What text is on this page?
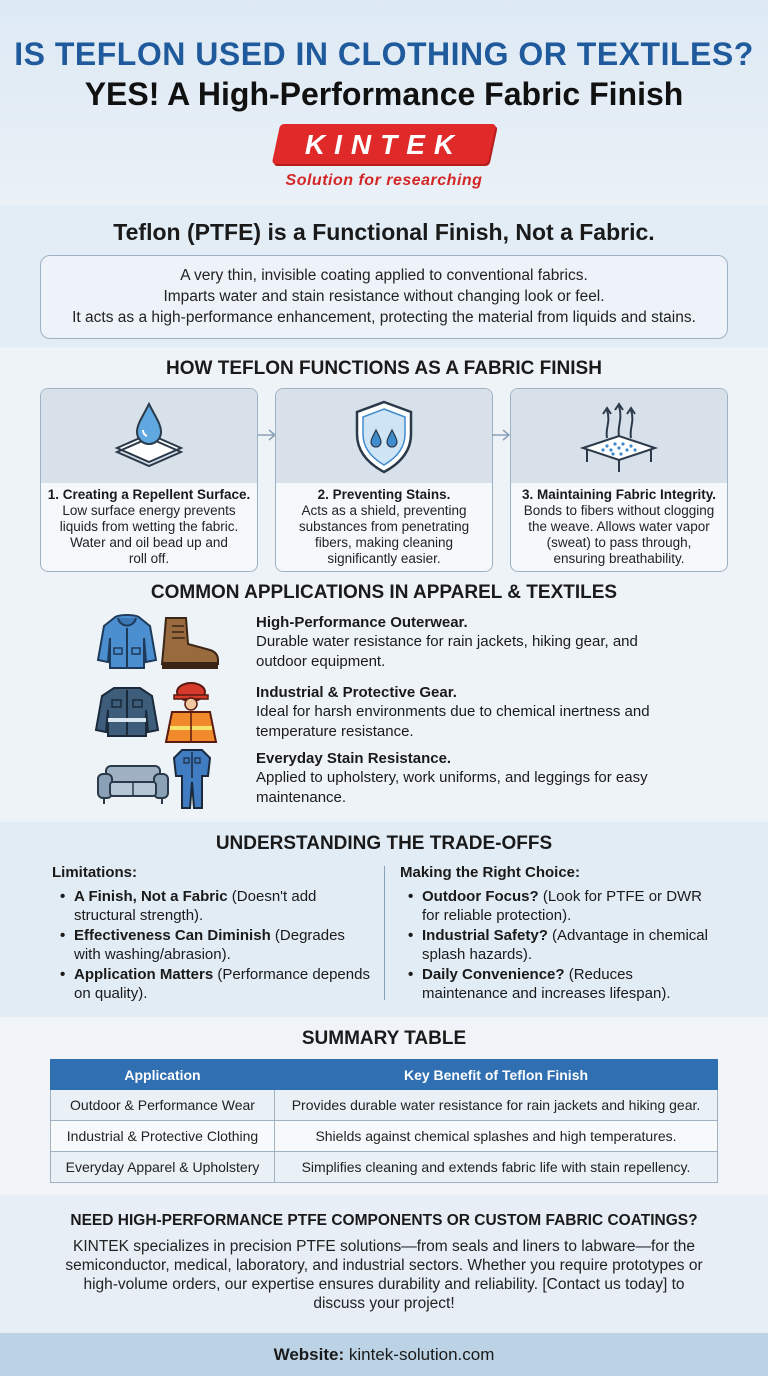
IS TEFLON USED IN CLOTHING OR TEXTILES?
YES! A High-Performance Fabric Finish
KINTEK
Solution for researching
Teflon (PTFE) is a Functional Finish, Not a Fabric.
A very thin, invisible coating applied to conventional fabrics.
Imparts water and stain resistance without changing look or feel.
It acts as a high-performance enhancement, protecting the material from liquids and stains.
HOW TEFLON FUNCTIONS AS A FABRIC FINISH
1. Creating a Repellent Surface.
Low surface energy prevents
liquids from wetting the fabric.
Water and oil bead up and
roll off.
2. Preventing Stains.
Acts as a shield, preventing
substances from penetrating
fibers, making cleaning
significantly easier.
3. Maintaining Fabric Integrity.
Bonds to fibers without clogging
the weave. Allows water vapor
(sweat) to pass through,
ensuring breathability.
COMMON APPLICATIONS IN APPAREL & TEXTILES
High-Performance Outerwear.
Durable water resistance for rain jackets, hiking gear, and
outdoor equipment.
Industrial & Protective Gear.
Ideal for harsh environments due to chemical inertness and
temperature resistance.
Everyday Stain Resistance.
Applied to upholstery, work uniforms, and leggings for easy
maintenance.
UNDERSTANDING THE TRADE-OFFS
Limitations:
• A Finish, Not a Fabric (Doesn't add structural strength).
• Effectiveness Can Diminish (Degrades with washing/abrasion).
• Application Matters (Performance depends on quality).
Making the Right Choice:
• Outdoor Focus? (Look for PTFE or DWR for reliable protection).
• Industrial Safety? (Advantage in chemical splash hazards).
• Daily Convenience? (Reduces maintenance and increases lifespan).
SUMMARY TABLE
Application	Key Benefit of Teflon Finish
Outdoor & Performance Wear	Provides durable water resistance for rain jackets and hiking gear.
Industrial & Protective Clothing	Shields against chemical splashes and high temperatures.
Everyday Apparel & Upholstery	Simplifies cleaning and extends fabric life with stain repellency.
NEED HIGH-PERFORMANCE PTFE COMPONENTS OR CUSTOM FABRIC COATINGS?

KINTEK specializes in precision PTFE solutions—from seals and liners to labware—for the
semiconductor, medical, laboratory, and industrial sectors. Whether you require prototypes or
high-volume orders, our expertise ensures durability and reliability. [Contact us today] to
discuss your project!

Website: kintek-solution.com
